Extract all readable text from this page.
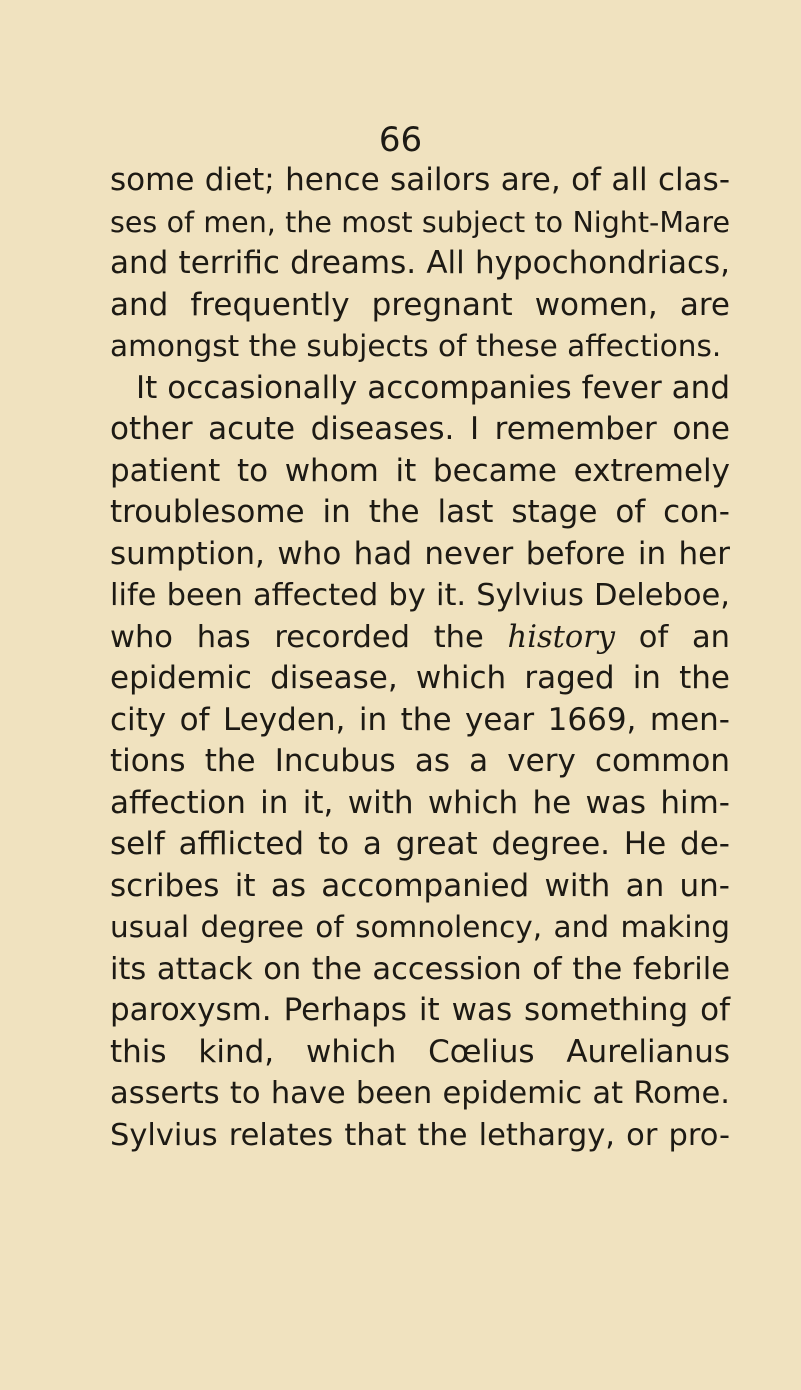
66
some diet; hence sailors are, of all clas-
ses of men, the most subject to Night-Mare
and terrific dreams. All hypochondriacs,
and frequently pregnant women, are
amongst the subjects of these affections.
It occasionally accompanies fever and
other acute diseases. I remember one
patient to whom it became extremely
troublesome in the last stage of con-
sumption, who had never before in her
life been affected by it. Sylvius Deleboe,
who has recorded the history of an
epidemic disease, which raged in the
city of Leyden, in the year 1669, men-
tions the Incubus as a very common
affection in it, with which he was him-
self afflicted to a great degree. He de-
scribes it as accompanied with an un-
usual degree of somnolency, and making
its attack on the accession of the febrile
paroxysm. Perhaps it was something of
this kind, which Cœlius Aurelianus
asserts to have been epidemic at Rome.
Sylvius relates that the lethargy, or pro-
